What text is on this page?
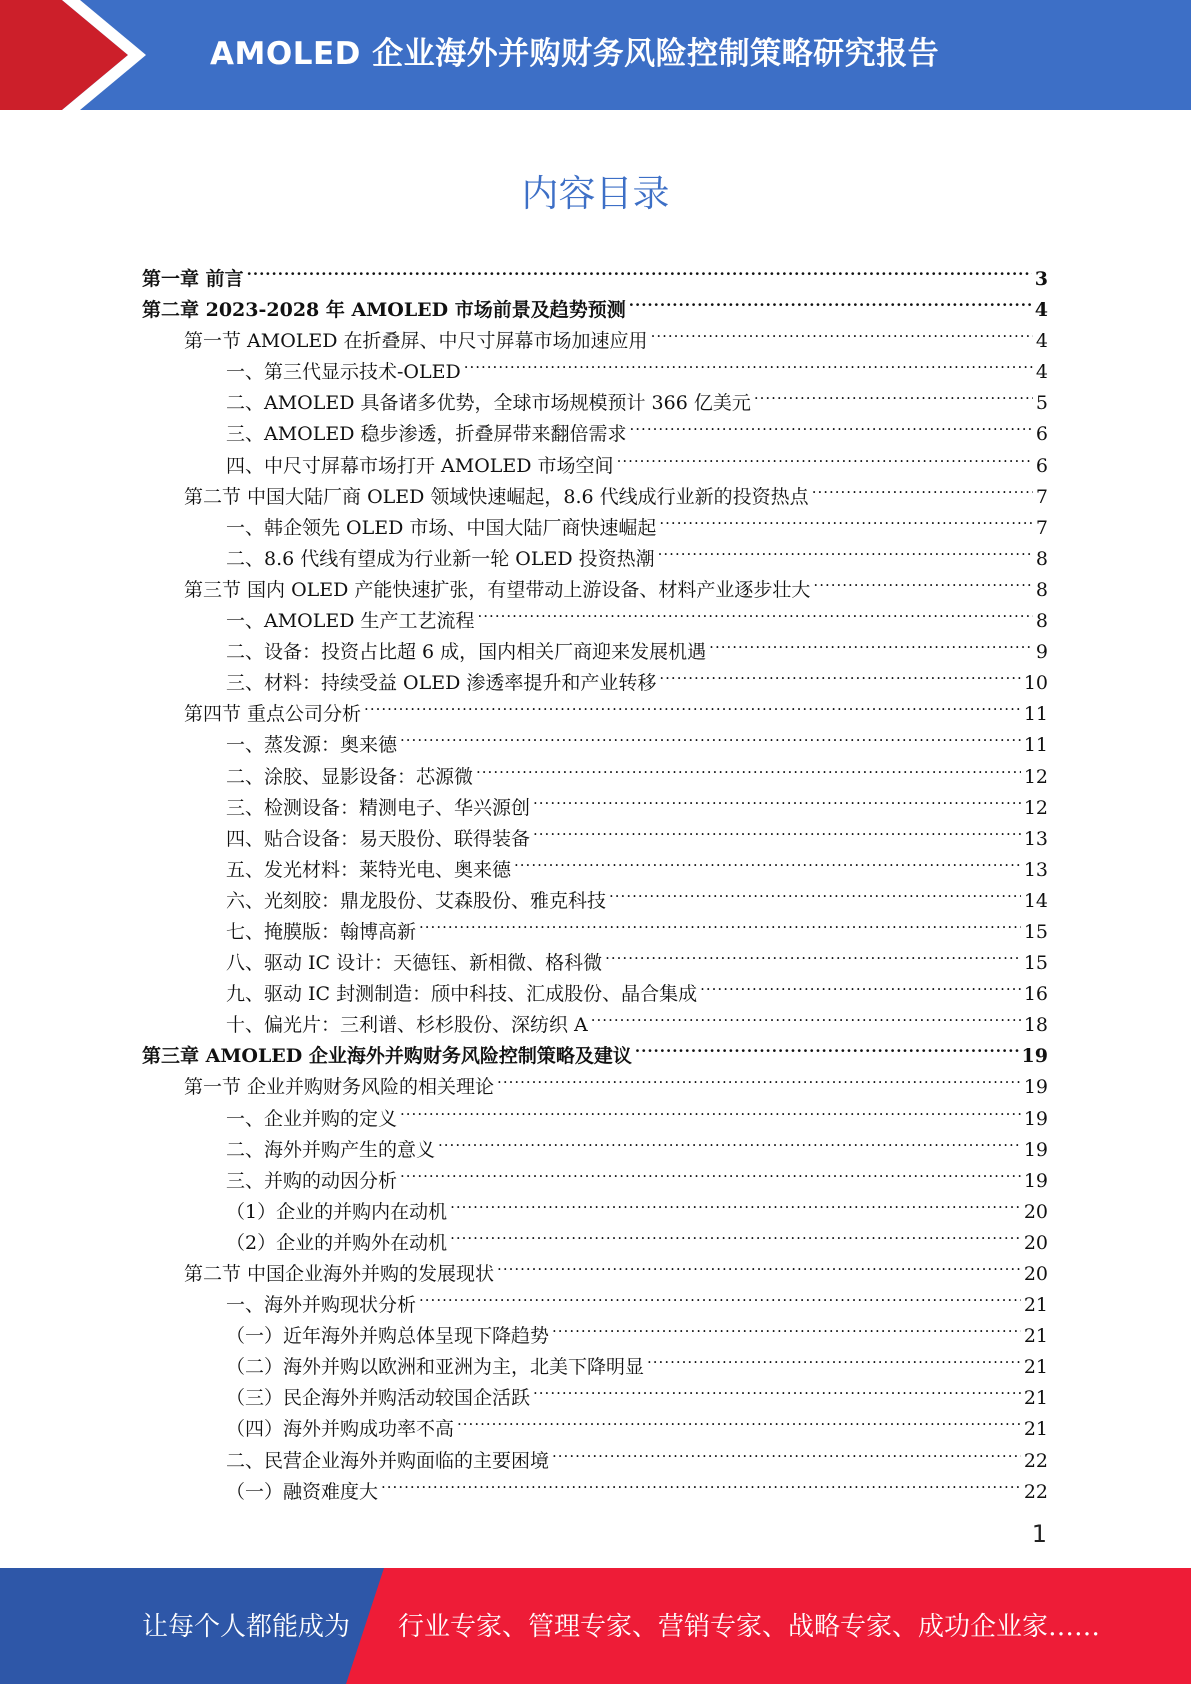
AMOLED 企业海外并购财务风险控制策略研究报告
内容目录
第一章 前言 .....	3
第二章 2023-2028 年 AMOLED 市场前景及趋势预测 .....	4
第一节 AMOLED 在折叠屏、中尺寸屏幕市场加速应用 .....	4
一、第三代显示技术-OLED .....	4
二、AMOLED 具备诸多优势，全球市场规模预计 366 亿美元 .....	5
三、AMOLED 稳步渗透，折叠屏带来翻倍需求 .....	6
四、中尺寸屏幕市场打开 AMOLED 市场空间 .....	6
第二节 中国大陆厂商 OLED 领域快速崛起，8.6 代线成行业新的投资热点 .....	7
一、韩企领先 OLED 市场、中国大陆厂商快速崛起 .....	7
二、8.6 代线有望成为行业新一轮 OLED 投资热潮 .....	8
第三节 国内 OLED 产能快速扩张，有望带动上游设备、材料产业逐步壮大 .....	8
一、AMOLED 生产工艺流程 .....	8
二、设备：投资占比超 6 成，国内相关厂商迎来发展机遇 .....	9
三、材料：持续受益 OLED 渗透率提升和产业转移 .....	10
第四节 重点公司分析 .....	11
一、蒸发源：奥来德 .....	11
二、涂胶、显影设备：芯源微 .....	12
三、检测设备：精测电子、华兴源创 .....	12
四、贴合设备：易天股份、联得装备 .....	13
五、发光材料：莱特光电、奥来德 .....	13
六、光刻胶：鼎龙股份、艾森股份、雅克科技 .....	14
七、掩膜版：翰博高新 .....	15
八、驱动 IC 设计：天德钰、新相微、格科微 .....	15
九、驱动 IC 封测制造：颀中科技、汇成股份、晶合集成 .....	16
十、偏光片：三利谱、杉杉股份、深纺织 A .....	18
第三章 AMOLED 企业海外并购财务风险控制策略及建议 .....	19
第一节 企业并购财务风险的相关理论 .....	19
一、企业并购的定义 .....	19
二、海外并购产生的意义 .....	19
三、并购的动因分析 .....	19
（1）企业的并购内在动机 .....	20
（2）企业的并购外在动机 .....	20
第二节 中国企业海外并购的发展现状 .....	20
一、海外并购现状分析 .....	21
（一）近年海外并购总体呈现下降趋势 .....	21
（二）海外并购以欧洲和亚洲为主，北美下降明显 .....	21
（三）民企海外并购活动较国企活跃 .....	21
（四）海外并购成功率不高 .....	21
二、民营企业海外并购面临的主要困境 .....	22
（一）融资难度大 .....	22
1
让每个人都能成为 行业专家、管理专家、营销专家、战略专家、成功企业家……
